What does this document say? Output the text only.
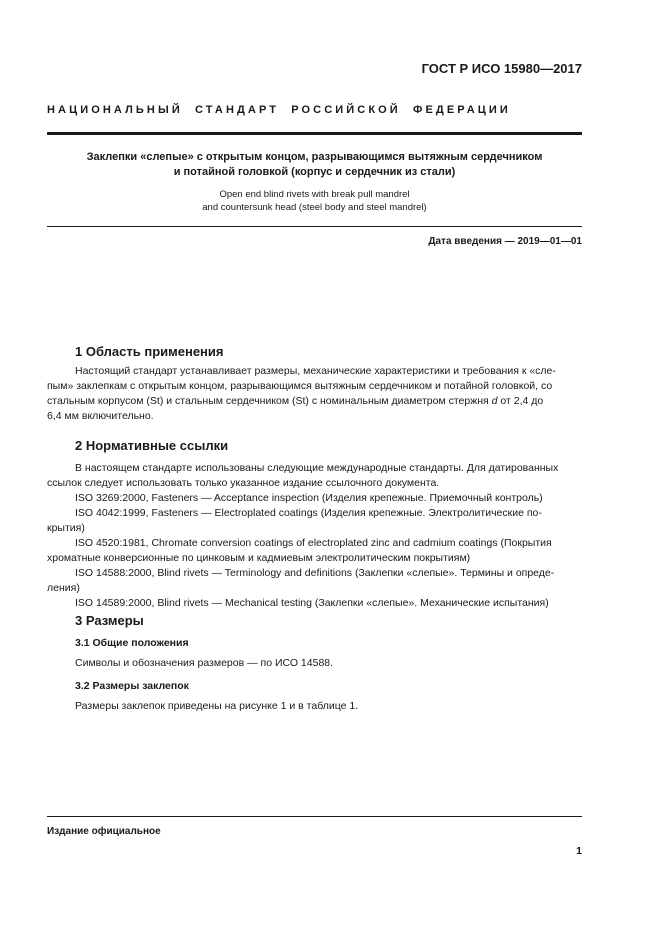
ГОСТ Р ИСО 15980—2017
НАЦИОНАЛЬНЫЙ СТАНДАРТ РОССИЙСКОЙ ФЕДЕРАЦИИ
Заклепки «слепые» с открытым концом, разрывающимся вытяжным сердечником
и потайной головкой (корпус и сердечник из стали)
Open end blind rivets with break pull mandrel
and countersunk head (steel body and steel mandrel)
Дата введения — 2019—01—01
1 Область применения

Настоящий стандарт устанавливает размеры, механические характеристики и требования к «сле-

пым» заклепкам с открытым концом, разрывающимся вытяжным сердечником и потайной головкой, со
стальным корпусом (St) и стальным сердечником (St) с номинальным диаметром стержня d от 2,4 до
6,4 мм включительно.
2 Нормативные ссылки

В настоящем стандарте использованы следующие международные стандарты. Для датированных

ссылок следует использовать только указанное издание ссылочного документа.

ISO 3269:2000, Fasteners — Acceptance inspection (Изделия крепежные. Приемочный контроль)

ISO 4042:1999, Fasteners — Electroplated coatings (Изделия крепежные. Электролитические по-

крытия)

ISO 4520:1981, Chromate conversion coatings of electroplated zinc and cadmium coatings (Покрытия

хроматные конверсионные по цинковым и кадмиевым электролитическим покрытиям)

ISO 14588:2000, Blind rivets — Terminology and definitions (Заклепки «слепые». Термины и опреде-

ления)

ISO 14589:2000, Blind rivets — Mechanical testing (Заклепки «слепые». Механические испытания)

3 Размеры
3.1 Общие положения
Символы и обозначения размеров — по ИСО 14588.
3.2 Размеры заклепок
Размеры заклепок приведены на рисунке 1 и в таблице 1.
Издание официальное
1
